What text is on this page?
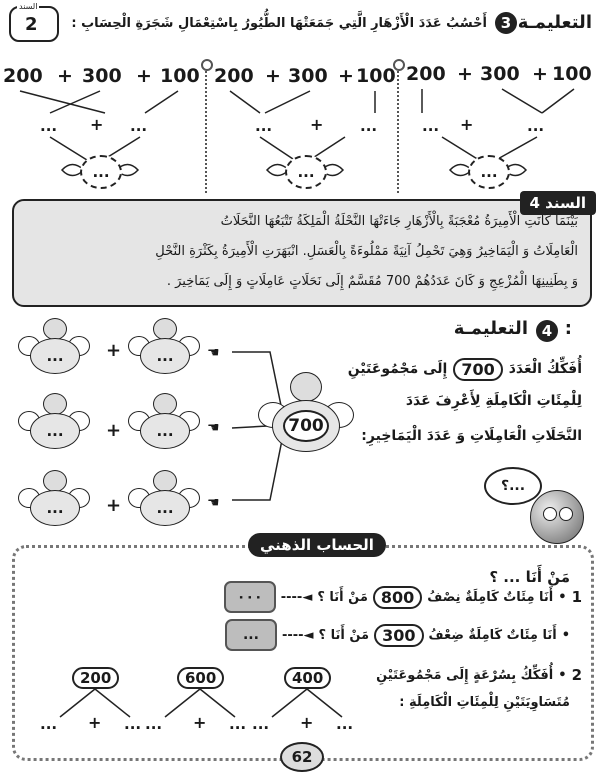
التعليمـة
3
أَحْسُبُ عَدَدَ الْأَزْهَارِ الَّتِي جَمَعَتْهَا الطُّيُورُ بِاسْتِعْمَالِ شَجَرَةِ الْحِسَابِ :
السند
2
200 + 300 + 100
... + ...
...
200 + 300 + 100
... + ...
...
200 + 300 + 100
... +	...
...
السند 4
بَيْنَمَا كَانَتِ الْأَمِيرَةُ مُعْجَبَةً بِالْأَزْهَارِ جَاءَتْهَا النَّحْلَةُ الْمَلِكَةُ تَتْبَعُهَا النَّحَلَاتُ
الْعَامِلَاتُ وَ الْيَمَاخِيرُ وَهِيَ تَحْمِلُ آنِيَةً مَمْلُوءَةً بِالْعَسَلِ. انْبَهَرَتِ الْأَمِيرَةُ بِكَثْرَةِ النَّحْلِ
وَ بِطَنِينِهَا الْمُزْعِجِ وَ كَانَ عَدَدُهُمْ 700 مُقَسَّمٌ إِلَى نَحَلَاتٍ عَامِلَاتٍ وَ إِلَى يَمَاخِيرَ .
التعليمـة 4 :
أُفَكِّكُ الْعَدَدَ
700
إِلَى مَجْمُوعَتَيْنِ
لِلْمِئَاتِ الْكَامِلَةِ لِأَعْرِفَ عَدَدَ
النَّحَلَاتِ الْعَامِلَاتِ وَ عَدَدَ الْيَمَاخِيرِ:
... + ...
... + ...
... + ...
☚
☚
☚
700
؟...
الحساب الذهني
مَنْ أَنَا ... ؟
1
•
أَنَا مِئَاتٌ كَامِلَةٌ نِصْفُ
800
مَنْ أَنَا ؟
◄----
٠٠٠
•
أَنَا مِئَاتٌ كَامِلَةٌ ضِعْفُ
300
مَنْ أَنَا ؟
◄----
...
2
•
أُفَكِّكُ بِسُرْعَةٍ إِلَى مَجْمُوعَتَيْنِ
مُتَسَاوِيَتَيْنِ لِلْمِئَاتِ الْكَامِلَةِ :
200
... + ...
600
... + ...
400
... + ...
62
